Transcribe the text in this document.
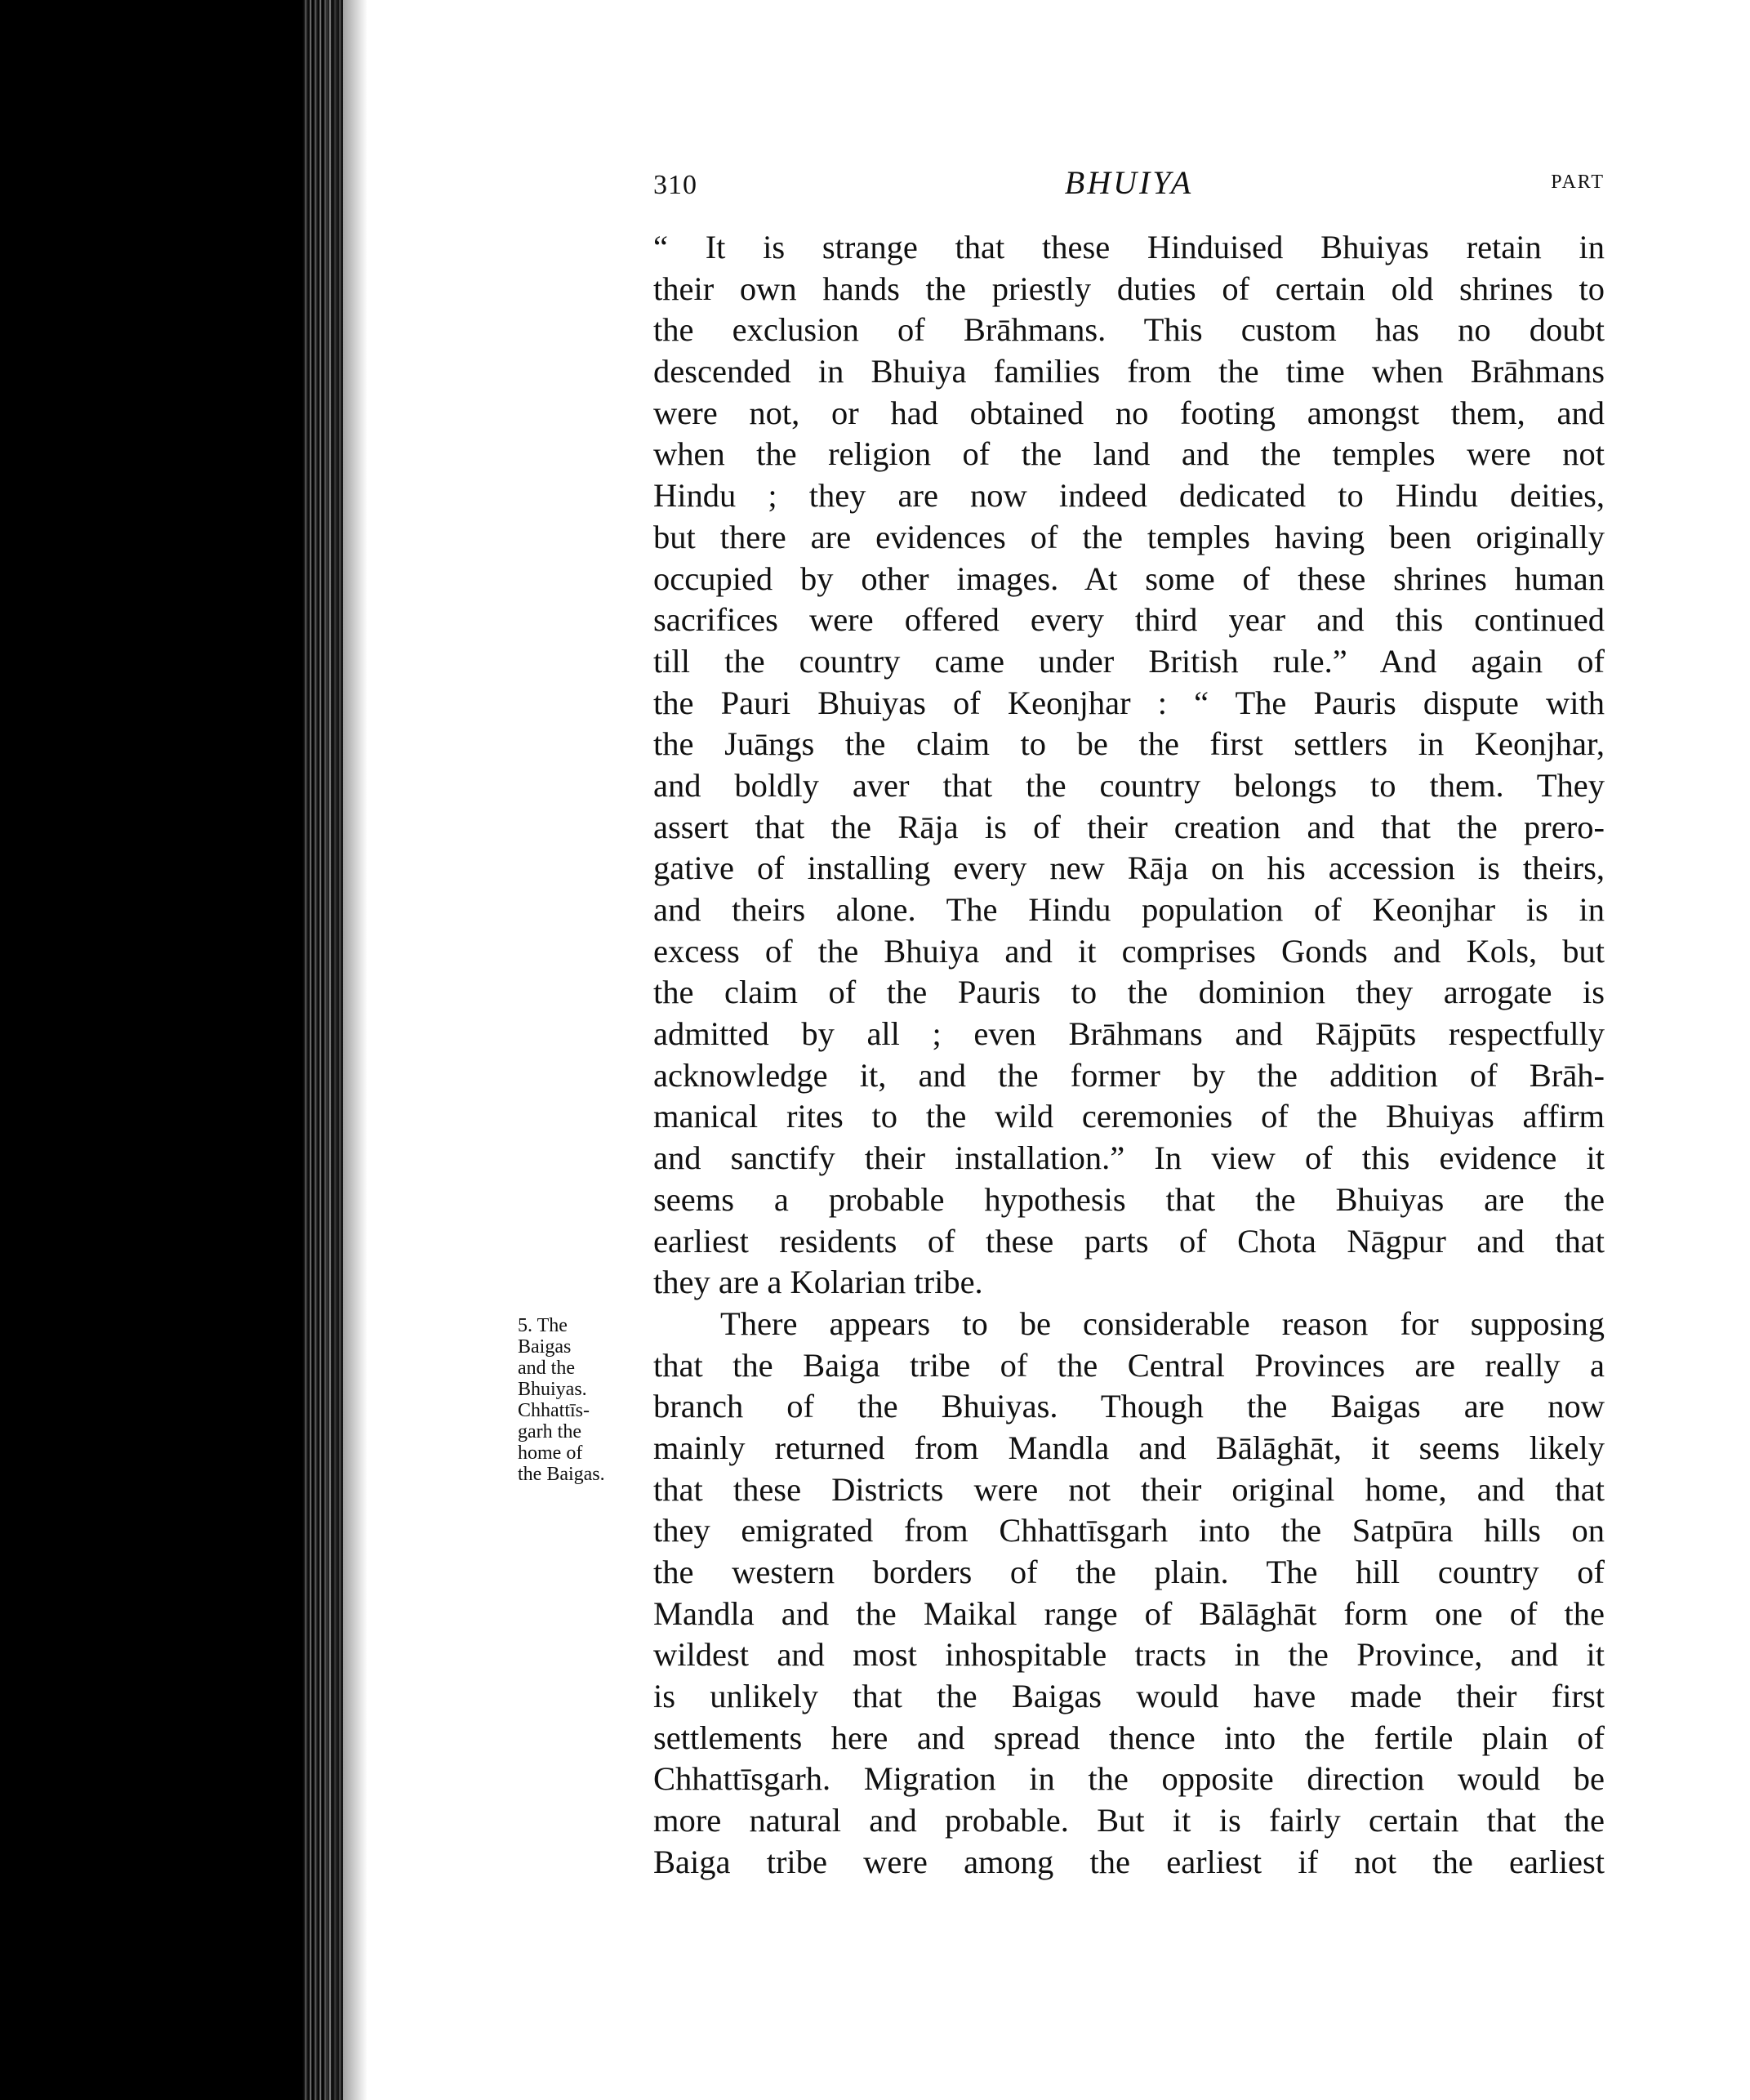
310	BHUIYA	PART
5. The
Baigas
and the
Bhuiyas.
Chhattīs-
garh the
home of
the Baigas.
“ It is strange that these Hinduised Bhuiyas retain in
their own hands the priestly duties of certain old shrines to
the exclusion of Brāhmans. This custom has no doubt
descended in Bhuiya families from the time when Brāhmans
were not, or had obtained no footing amongst them, and
when the religion of the land and the temples were not
Hindu ; they are now indeed dedicated to Hindu deities,
but there are evidences of the temples having been originally
occupied by other images. At some of these shrines human
sacrifices were offered every third year and this continued
till the country came under British rule.” And again of
the Pauri Bhuiyas of Keonjhar : “ The Pauris dispute with
the Juāngs the claim to be the first settlers in Keonjhar,
and boldly aver that the country belongs to them. They
assert that the Rāja is of their creation and that the prero-
gative of installing every new Rāja on his accession is theirs,
and theirs alone. The Hindu population of Keonjhar is in
excess of the Bhuiya and it comprises Gonds and Kols, but
the claim of the Pauris to the dominion they arrogate is
admitted by all ; even Brāhmans and Rājpūts respectfully
acknowledge it, and the former by the addition of Brāh-
manical rites to the wild ceremonies of the Bhuiyas affirm
and sanctify their installation.” In view of this evidence it
seems a probable hypothesis that the Bhuiyas are the
earliest residents of these parts of Chota Nāgpur and that
they are a Kolarian tribe.
There appears to be considerable reason for supposing
that the Baiga tribe of the Central Provinces are really a
branch of the Bhuiyas. Though the Baigas are now
mainly returned from Mandla and Bālāghāt, it seems likely
that these Districts were not their original home, and that
they emigrated from Chhattīsgarh into the Satpūra hills on
the western borders of the plain. The hill country of
Mandla and the Maikal range of Bālāghāt form one of the
wildest and most inhospitable tracts in the Province, and it
is unlikely that the Baigas would have made their first
settlements here and spread thence into the fertile plain of
Chhattīsgarh. Migration in the opposite direction would be
more natural and probable. But it is fairly certain that the
Baiga tribe were among the earliest if not the earliest
